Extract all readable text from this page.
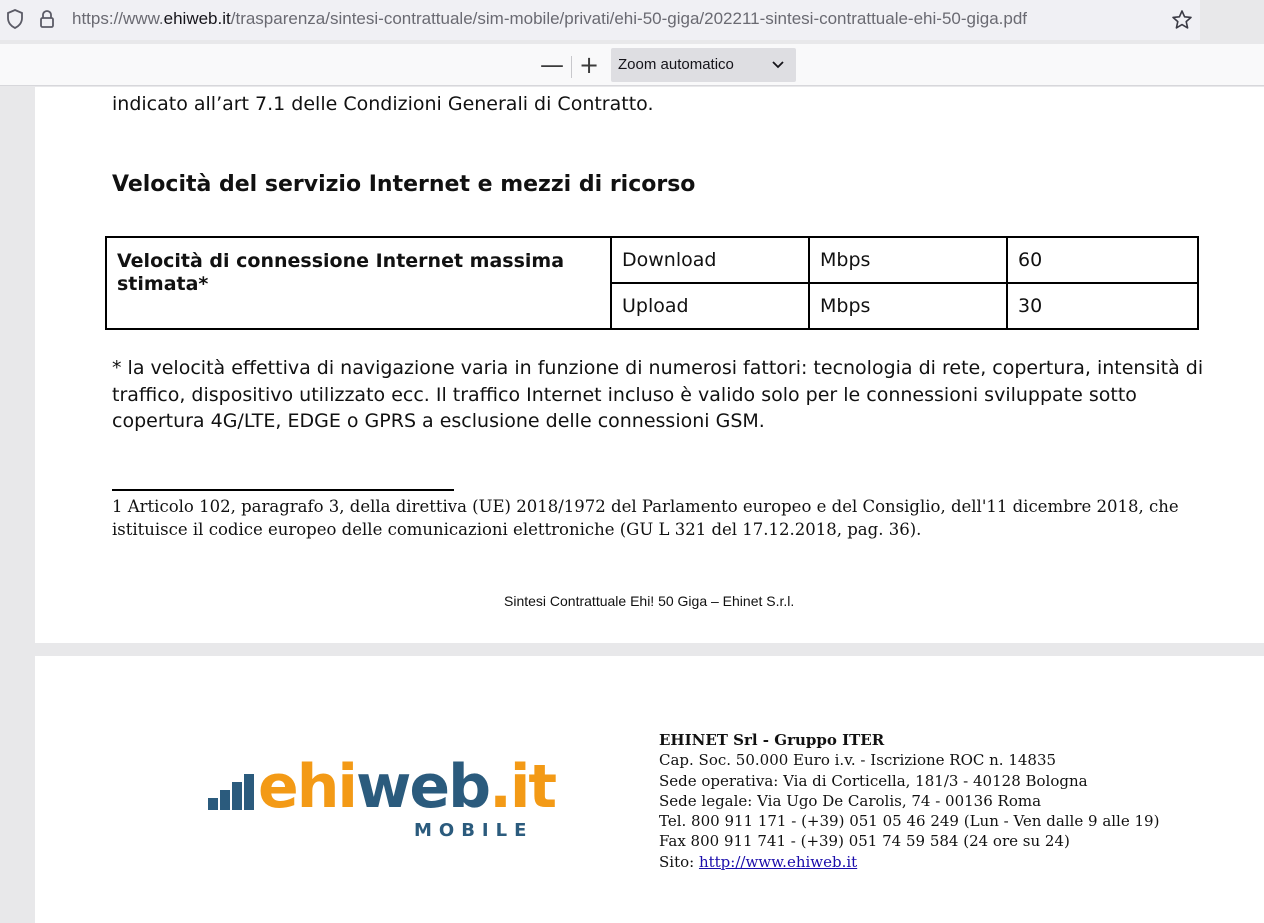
https://www.ehiweb.it/trasparenza/sintesi-contrattuale/sim-mobile/privati/ehi-50-giga/202211-sintesi-contrattuale-ehi-50-giga.pdf
— + Zoom automatico
indicato all’art 7.1 delle Condizioni Generali di Contratto.
Velocità del servizio Internet e mezzi di ricorso
Velocità di connessione Internet massima stimata*	Download	Mbps	60
	Upload	Mbps	30
* la velocità effettiva di navigazione varia in funzione di numerosi fattori: tecnologia di rete, copertura, intensità di traffico, dispositivo utilizzato ecc. Il traffico Internet incluso è valido solo per le connessioni sviluppate sotto copertura 4G/LTE, EDGE o GPRS a esclusione delle connessioni GSM.
1 Articolo 102, paragrafo 3, della direttiva (UE) 2018/1972 del Parlamento europeo e del Consiglio, dell'11 dicembre 2018, che istituisce il codice europeo delle comunicazioni elettroniche (GU L 321 del 17.12.2018, pag. 36).
Sintesi Contrattuale Ehi! 50 Giga – Ehinet S.r.l.
ehiweb.it
MOBILE
EHINET Srl - Gruppo ITER
Cap. Soc. 50.000 Euro i.v. - Iscrizione ROC n. 14835
Sede operativa: Via di Corticella, 181/3 - 40128 Bologna
Sede legale: Via Ugo De Carolis, 74 - 00136 Roma
Tel. 800 911 171 - (+39) 051 05 46 249 (Lun - Ven dalle 9 alle 19)
Fax 800 911 741 - (+39) 051 74 59 584 (24 ore su 24)
Sito: http://www.ehiweb.it
